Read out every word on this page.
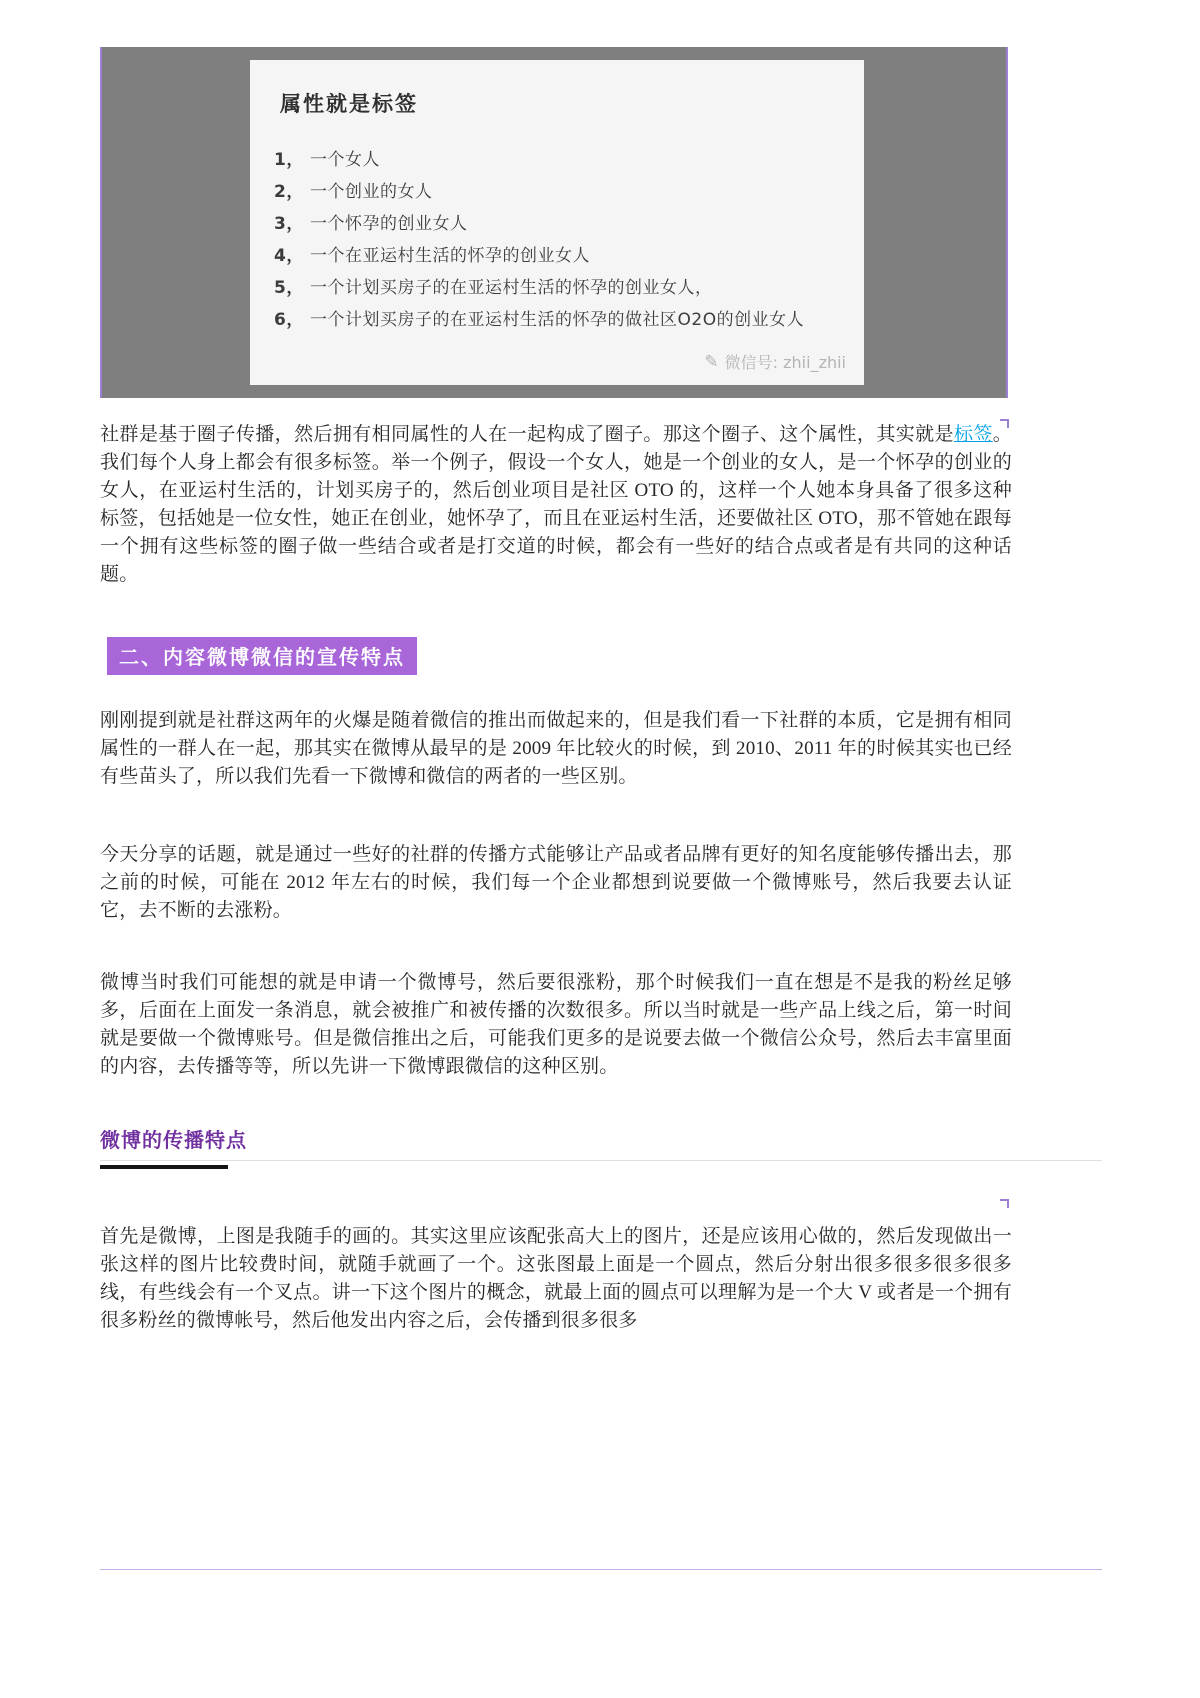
属性就是标签
1， 一个女人
2， 一个创业的女人
3， 一个怀孕的创业女人
4， 一个在亚运村生活的怀孕的创业女人
5， 一个计划买房子的在亚运村生活的怀孕的创业女人，
6， 一个计划买房子的在亚运村生活的怀孕的做社区O2O的创业女人
✎ 微信号: zhii_zhii
社群是基于圈子传播，然后拥有相同属性的人在一起构成了圈子。那这个圈子、这个属性，其实就是标签。我们每个人身上都会有很多标签。举一个例子，假设一个女人，她是一个创业的女人，是一个怀孕的创业的女人，在亚运村生活的，计划买房子的，然后创业项目是社区 OTO 的，这样一个人她本身具备了很多这种标签，包括她是一位女性，她正在创业，她怀孕了，而且在亚运村生活，还要做社区 OTO，那不管她在跟每一个拥有这些标签的圈子做一些结合或者是打交道的时候，都会有一些好的结合点或者是有共同的这种话题。
二、内容微博微信的宣传特点
刚刚提到就是社群这两年的火爆是随着微信的推出而做起来的，但是我们看一下社群的本质，它是拥有相同属性的一群人在一起，那其实在微博从最早的是 2009 年比较火的时候，到 2010、2011 年的时候其实也已经有些苗头了，所以我们先看一下微博和微信的两者的一些区别。
今天分享的话题，就是通过一些好的社群的传播方式能够让产品或者品牌有更好的知名度能够传播出去，那之前的时候，可能在 2012 年左右的时候，我们每一个企业都想到说要做一个微博账号，然后我要去认证它，去不断的去涨粉。
微博当时我们可能想的就是申请一个微博号，然后要很涨粉，那个时候我们一直在想是不是我的粉丝足够多，后面在上面发一条消息，就会被推广和被传播的次数很多。所以当时就是一些产品上线之后，第一时间就是要做一个微博账号。但是微信推出之后，可能我们更多的是说要去做一个微信公众号，然后去丰富里面的内容，去传播等等，所以先讲一下微博跟微信的这种区别。
微博的传播特点
首先是微博，上图是我随手的画的。其实这里应该配张高大上的图片，还是应该用心做的，然后发现做出一张这样的图片比较费时间，就随手就画了一个。这张图最上面是一个圆点，然后分射出很多很多很多很多线，有些线会有一个叉点。讲一下这个图片的概念，就最上面的圆点可以理解为是一个大 V 或者是一个拥有很多粉丝的微博帐号，然后他发出内容之后，会传播到很多很多
